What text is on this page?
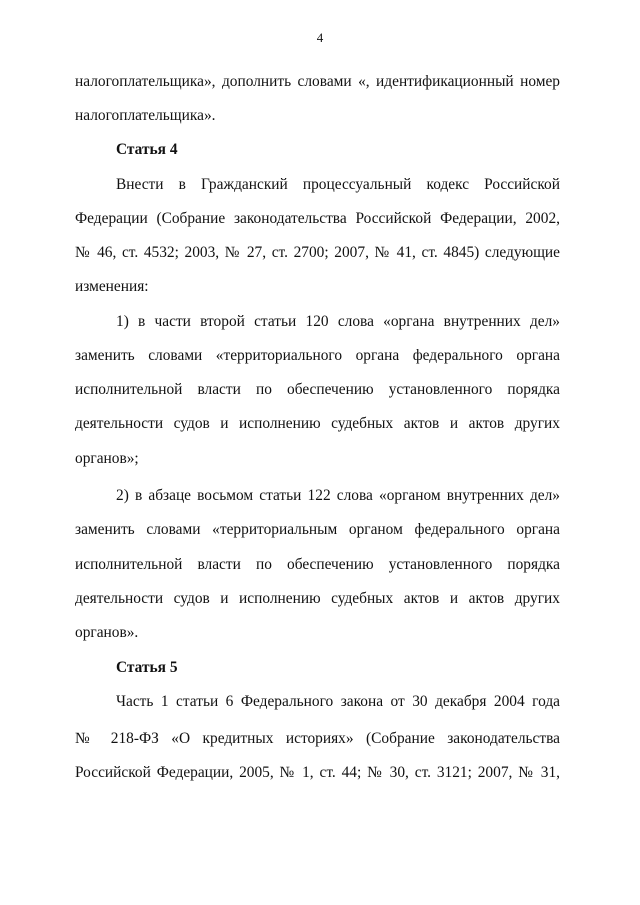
4
налогоплательщика», дополнить словами «, идентификационный номер
налогоплательщика».
Статья 4
Внести в Гражданский процессуальный кодекс Российской
Федерации (Собрание законодательства Российской Федерации, 2002,
№ 46, ст. 4532; 2003, № 27, ст. 2700; 2007, № 41, ст. 4845) следующие
изменения:
1) в части второй статьи 120 слова «органа внутренних дел»
заменить словами «территориального органа федерального органа
исполнительной власти по обеспечению установленного порядка
деятельности судов и исполнению судебных актов и актов других
органов»;
2) в абзаце восьмом статьи 122 слова «органом внутренних дел»
заменить словами «территориальным органом федерального органа
исполнительной власти по обеспечению установленного порядка
деятельности судов и исполнению судебных актов и актов других
органов».
Статья 5
Часть 1 статьи 6 Федерального закона от 30 декабря 2004 года
№ 218-ФЗ «О кредитных историях» (Собрание законодательства
Российской Федерации, 2005, № 1, ст. 44; № 30, ст. 3121; 2007, № 31,
